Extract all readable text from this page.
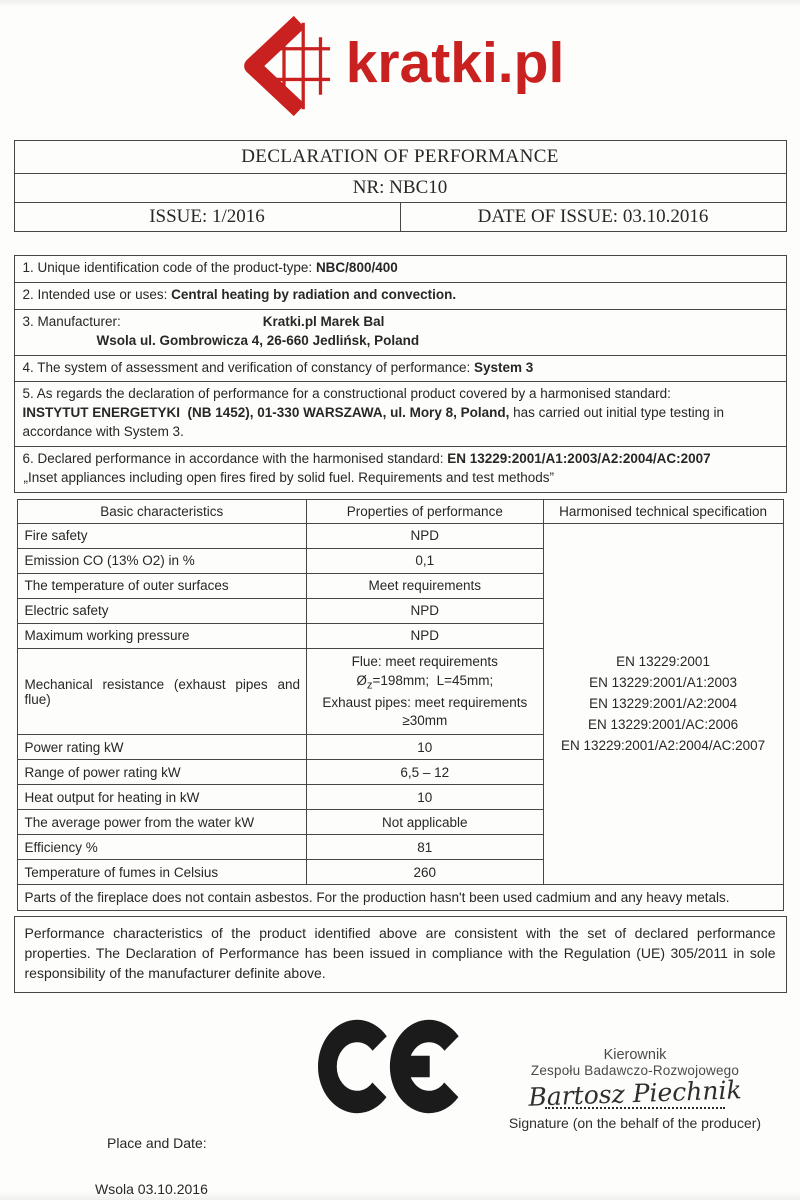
kratki.pl
DECLARATION OF PERFORMANCE
NR: NBC10
ISSUE: 1/2016	DATE OF ISSUE: 03.10.2016
1. Unique identification code of the product-type: NBC/800/400
2. Intended use or uses: Central heating by radiation and convection.

3. Manufacturer:	Kratki.pl Marek Bal
Wsola ul. Gombrowicza 4, 26-660 Jedlińsk, Poland

4. The system of assessment and verification of constancy of performance: System 3

5. As regards the declaration of performance for a constructional product covered by a harmonised standard:
INSTYTUT ENERGETYKI  (NB 1452), 01-330 WARSZAWA, ul. Mory 8, Poland, has carried out initial type testing in accordance with System 3.

6. Declared performance in accordance with the harmonised standard: EN 13229:2001/A1:2003/A2:2004/AC:2007
„Inset appliances including open fires fired by solid fuel. Requirements and test methods”
Basic characteristics	Properties of performance	Harmonised technical specification
Fire safety	NPD	EN 13229:2001
EN 13229:2001/A1:2003
EN 13229:2001/A2:2004
EN 13229:2001/AC:2006
EN 13229:2001/A2:2004/AC:2007

Emission CO (13% O2) in %	0,1	
The temperature of outer surfaces	Meet requirements	
Electric safety	NPD	
Maximum working pressure	NPD	
Mechanical resistance (exhaust pipes and flue)	Flue: meet requirements
$Ø_z=198mm$;  L=45mm;
Exhaust pipes: meet requirements
≥30mm	

Power rating kW	10	
Range of power rating kW	6,5 – 12	
Heat output for heating in kW	10	
The average power from the water kW	Not applicable	
Efficiency %	81	
Temperature of fumes in Celsius	260	
Parts of the fireplace does not contain asbestos. For the production hasn't been used cadmium and any heavy metals.		
Performance characteristics of the product identified above are consistent with the set of declared performance properties. The Declaration of Performance has been issued in compliance with the Regulation (UE) 305/2011 in sole responsibility of the manufacturer definite above.
Kierownik
Zespołu Badawczo-Rozwojowego
Bartosz Piechnik
Signature (on the behalf of the producer)
Place and Date:
Wsola 03.10.2016
